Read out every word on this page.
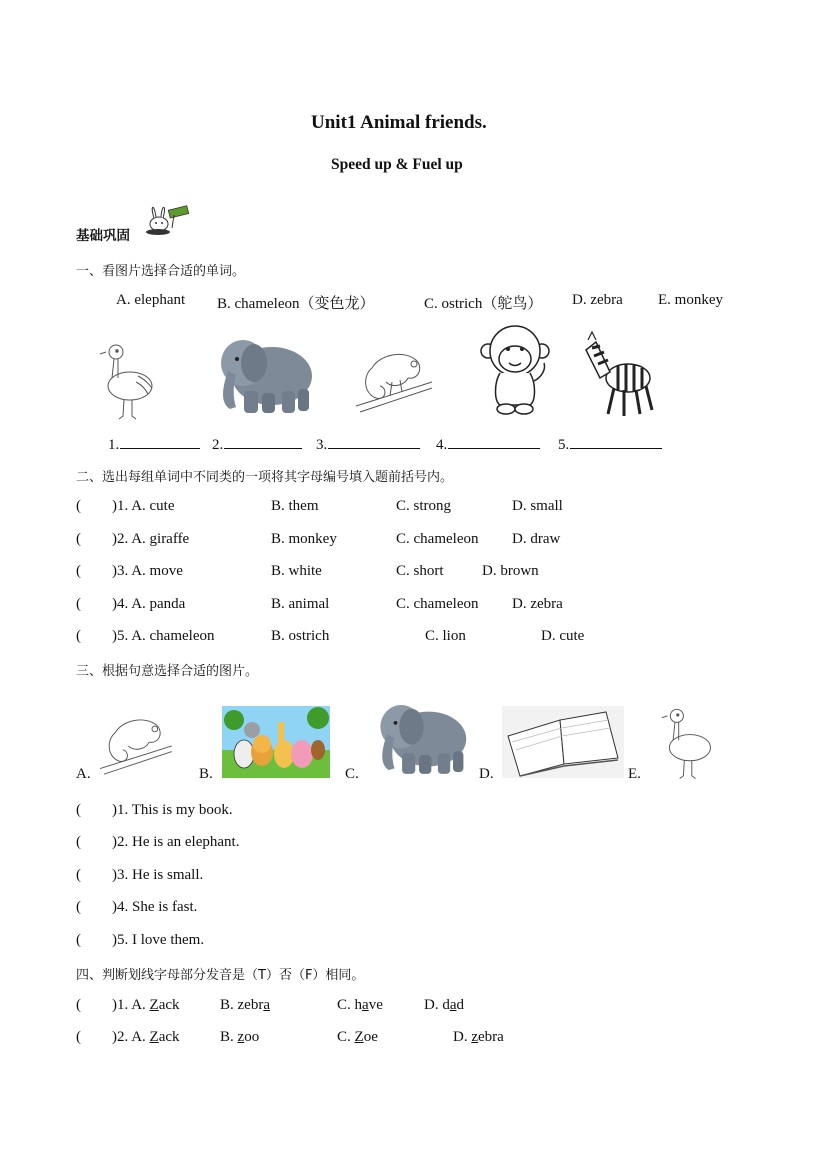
Unit1 Animal friends.
Speed up & Fuel up
基础巩固
一、看图片选择合适的单词。
A. elephant B. chameleon（变色龙）	C. ostrich（鸵鸟） D. zebra E. monkey
1.	2.	3.	4.	5.
二、选出每组单词中不同类的一项将其字母编号填入题前括号内。
( )1. A. cute	B. them	C. strong	D. small
( )2. A. giraffe	B. monkey	C. chameleon D. draw
( )3. A. move	B. white	C. short	D. brown
( )4. A. panda	B. animal	C. chameleon D. zebra
( )5. A. chameleon	B. ostrich	C. lion	D. cute
三、根据句意选择合适的图片。
A.	B.	C.	D.	E.
( )1. This is my book.
( )2. He is an elephant.
( )3. He is small.
( )4. She is fast.
( )5. I love them.
四、判断划线字母部分发音是（T）否（F）相同。
( )1. A. Zack	B. zebra	C. have	D. dad
( )2. A. Zack	B. zoo	C. Zoe	D. zebra
